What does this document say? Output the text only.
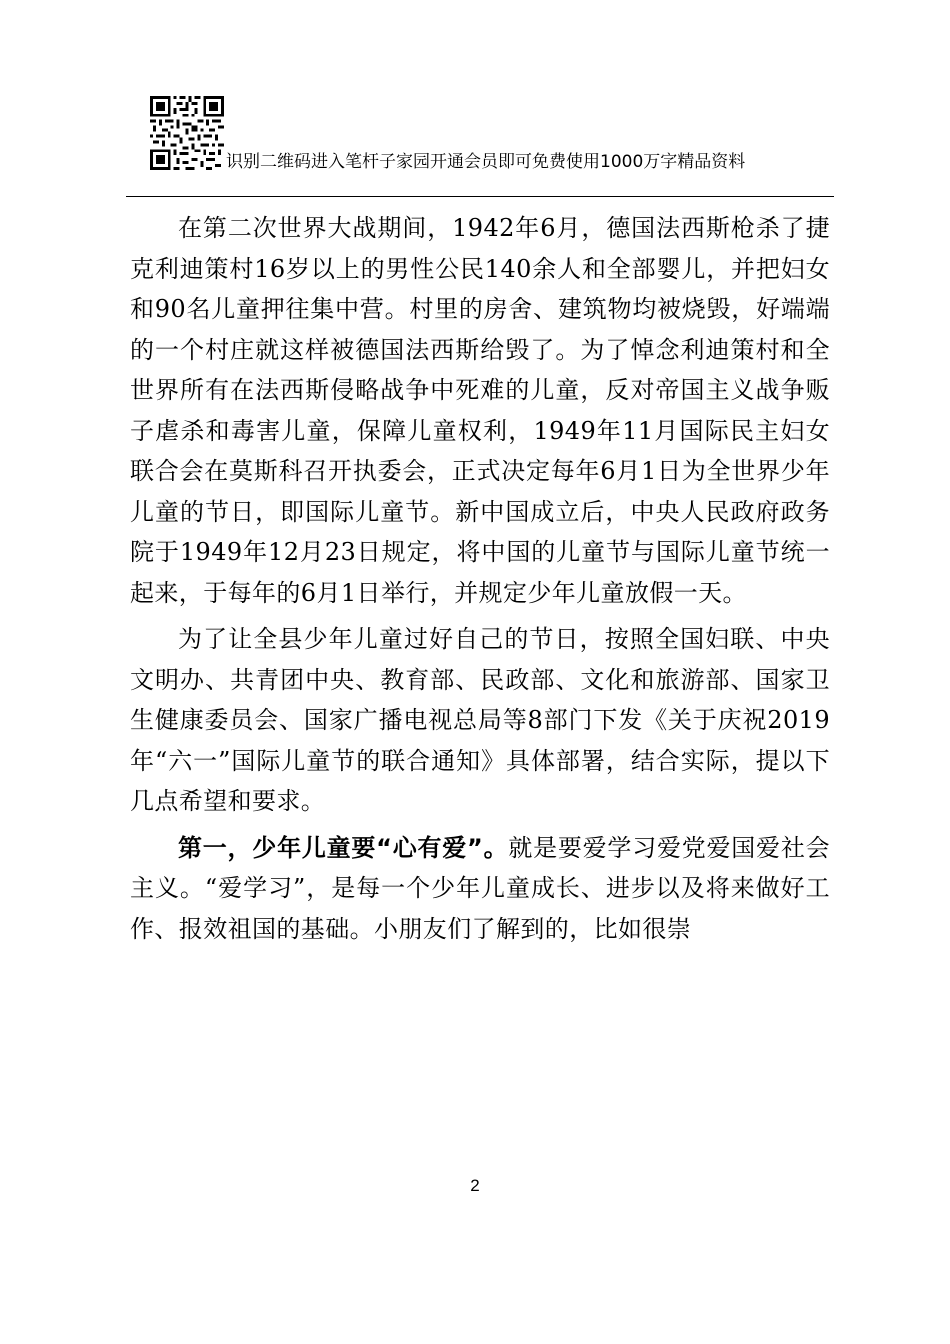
识别二维码进入笔杆子家园开通会员即可免费使用1000万字精品资料

在第二次世界大战期间，1942年6月，德国法西斯枪杀了捷克利迪策村16岁以上的男性公民140余人和全部婴儿，并把妇女和90名儿童押往集中营。村里的房舍、建筑物均被烧毁，好端端的一个村庄就这样被德国法西斯给毁了。为了悼念利迪策村和全世界所有在法西斯侵略战争中死难的儿童，反对帝国主义战争贩子虐杀和毒害儿童，保障儿童权利，1949年11月国际民主妇女联合会在莫斯科召开执委会，正式决定每年6月1日为全世界少年儿童的节日，即国际儿童节。新中国成立后，中央人民政府政务院于1949年12月23日规定，将中国的儿童节与国际儿童节统一起来，于每年的6月1日举行，并规定少年儿童放假一天。

为了让全县少年儿童过好自己的节日，按照全国妇联、中央文明办、共青团中央、教育部、民政部、文化和旅游部、国家卫生健康委员会、国家广播电视总局等8部门下发《关于庆祝2019年“六一”国际儿童节的联合通知》具体部署，结合实际，提以下几点希望和要求。

第一，少年儿童要“心有爱”。就是要爱学习爱党爱国爱社会主义。“爱学习”，是每一个少年儿童成长、进步以及将来做好工作、报效祖国的基础。小朋友们了解到的，比如很崇

2
